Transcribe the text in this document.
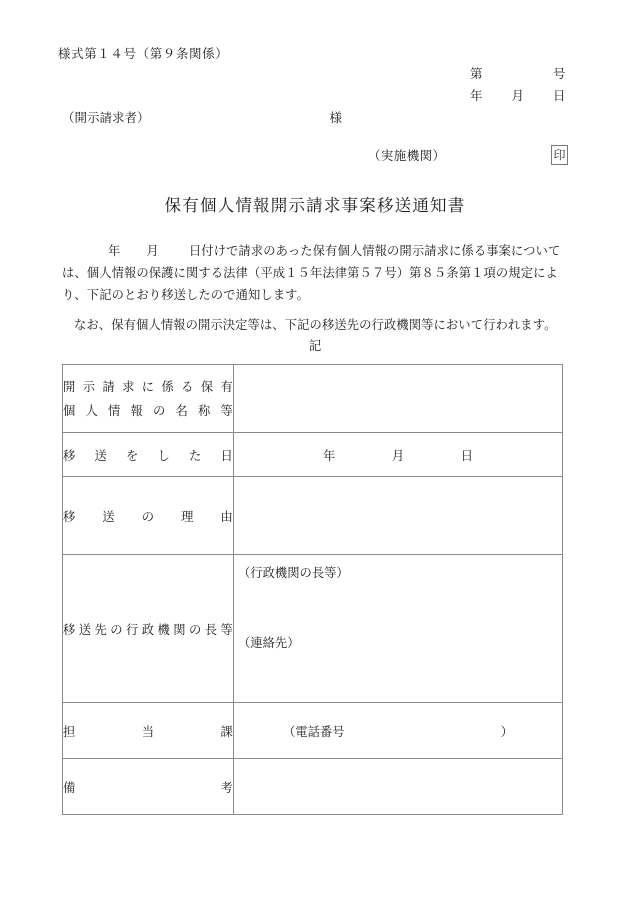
様式第１４号（第９条関係）
第	号
年 月 日
（開示請求者）	様
（実施機関）	印
保有個人情報開示請求事案移送通知書
年 月 日付けで請求のあった保有個人情報の開示請求に係る事案については、個人情報の保護に関する法律（平成１５年法律第５７号）第８５条第１項の規定により、下記のとおり移送したので通知します。
なお、保有個人情報の開示決定等は、下記の移送先の行政機関等において行われます。
記
開 示 請 求 に 係 る 保 有
個 人 情 報 の 名 称 等

移 送 を し た 日	年	月	日

移 送 の 理 由	

移 送 先 の 行 政 機 関 の 長 等

（行政機関の長等）
（連絡先）

担 当 課	（電話番号 ）

備 考	
